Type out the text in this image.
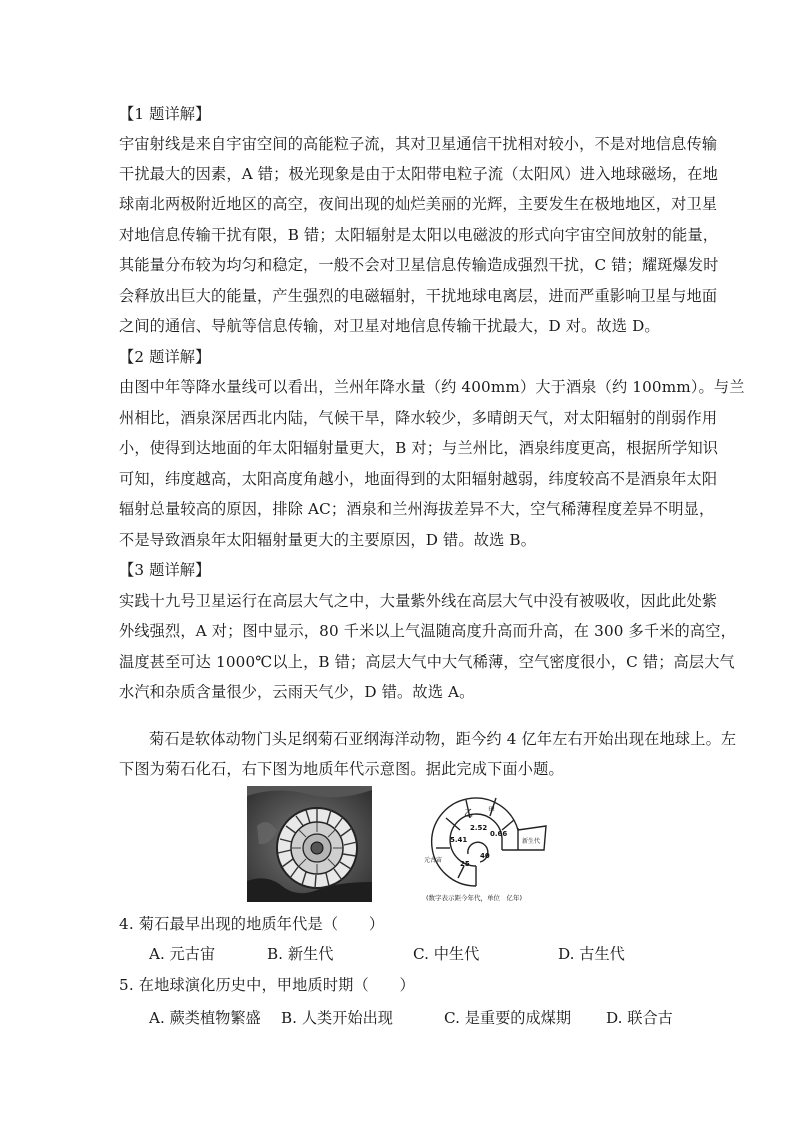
【1 题详解】
宇宙射线是来自宇宙空间的高能粒子流，其对卫星通信干扰相对较小，不是对地信息传输
干扰最大的因素，A 错；极光现象是由于太阳带电粒子流（太阳风）进入地球磁场，在地
球南北两极附近地区的高空，夜间出现的灿烂美丽的光辉，主要发生在极地地区，对卫星
对地信息传输干扰有限，B 错；太阳辐射是太阳以电磁波的形式向宇宙空间放射的能量，
其能量分布较为均匀和稳定，一般不会对卫星信息传输造成强烈干扰，C 错；耀斑爆发时
会释放出巨大的能量，产生强烈的电磁辐射，干扰地球电离层，进而严重影响卫星与地面
之间的通信、导航等信息传输，对卫星对地信息传输干扰最大，D 对。故选 D。
【2 题详解】
由图中年等降水量线可以看出，兰州年降水量（约 400mm）大于酒泉（约 100mm）。与兰
州相比，酒泉深居西北内陆，气候干旱，降水较少，多晴朗天气，对太阳辐射的削弱作用
小，使得到达地面的年太阳辐射量更大，B 对；与兰州比，酒泉纬度更高，根据所学知识
可知，纬度越高，太阳高度角越小，地面得到的太阳辐射越弱，纬度较高不是酒泉年太阳
辐射总量较高的原因，排除 AC；酒泉和兰州海拔差异不大，空气稀薄程度差异不明显，
不是导致酒泉年太阳辐射量更大的主要原因，D 错。故选 B。
【3 题详解】
实践十九号卫星运行在高层大气之中，大量紫外线在高层大气中没有被吸收，因此此处紫
外线强烈，A 对；图中显示，80 千米以上气温随高度升高而升高，在 300 多千米的高空，
温度甚至可达 1000℃以上，B 错；高层大气中大气稀薄，空气密度很小，C 错；高层大气
水汽和杂质含量很少，云雨天气少，D 错。故选 A。
菊石是软体动物门头足纲菊石亚纲海洋动物，距今约 4 亿年左右开始出现在地球上。左
下图为菊石化石，右下图为地质年代示意图。据此完成下面小题。
乙 甲
新生代
元古宙
2.52
0.66
5.41
25
40
(数字表示距今年代，单位　亿年)
4. 菊石最早出现的地质年代是（　　）
A. 元古宙	B. 新生代	C. 中生代	D. 古生代
5. 在地球演化历史中，甲地质时期（　　）
A. 蕨类植物繁盛 B. 人类开始出现	C. 是重要的成煤期 D. 联合古
